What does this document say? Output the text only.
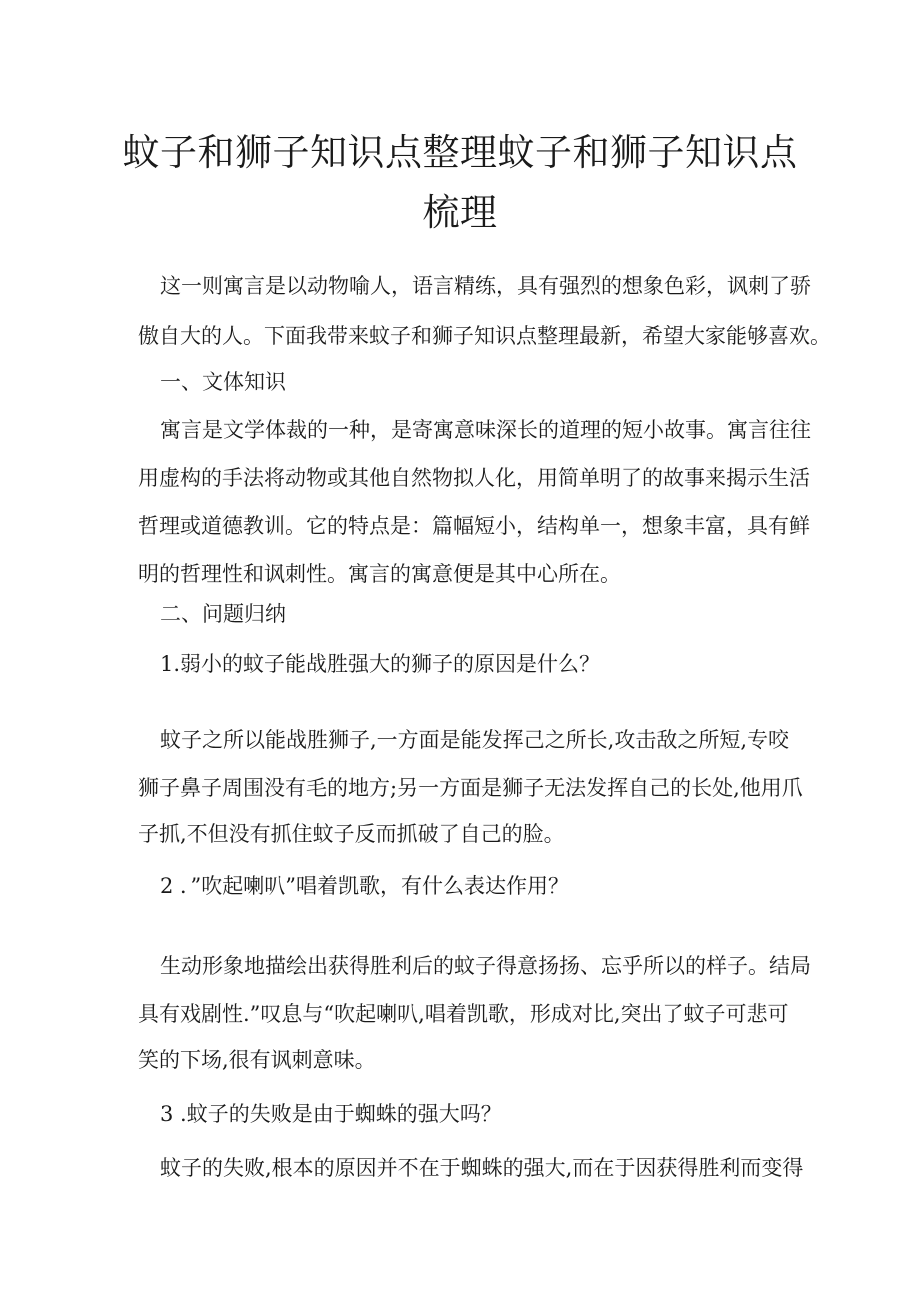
蚊子和狮子知识点整理蚊子和狮子知识点
梳理

这一则寓言是以动物喻人，语言精练，具有强烈的想象色彩，讽刺了骄

傲自大的人。下面我带来蚊子和狮子知识点整理最新，希望大家能够喜欢。

一、文体知识

寓言是文学体裁的一种，是寄寓意味深长的道理的短小故事。寓言往往

用虚构的手法将动物或其他自然物拟人化，用简单明了的故事来揭示生活

哲理或道德教训。它的特点是：篇幅短小，结构单一，想象丰富，具有鲜

明的哲理性和讽刺性。寓言的寓意便是其中心所在。

二、问题归纳

1.弱小的蚊子能战胜强大的狮子的原因是什么？

蚊子之所以能战胜狮子,一方面是能发挥己之所长,攻击敌之所短,专咬

狮子鼻子周围没有毛的地方;另一方面是狮子无法发挥自己的长处,他用爪

子抓,不但没有抓住蚊子反而抓破了自己的脸。

2 ．”吹起喇叭”唱着凯歌，有什么表达作用？

生动形象地描绘出获得胜利后的蚊子得意扬扬、忘乎所以的样子。结局

具有戏剧性.”叹息与“吹起喇叭,唱着凯歌，形成对比,突出了蚊子可悲可

笑的下场,很有讽刺意味。

3 .蚊子的失败是由于蜘蛛的强大吗？

蚊子的失败,根本的原因并不在于蜘蛛的强大,而在于因获得胜利而变得
